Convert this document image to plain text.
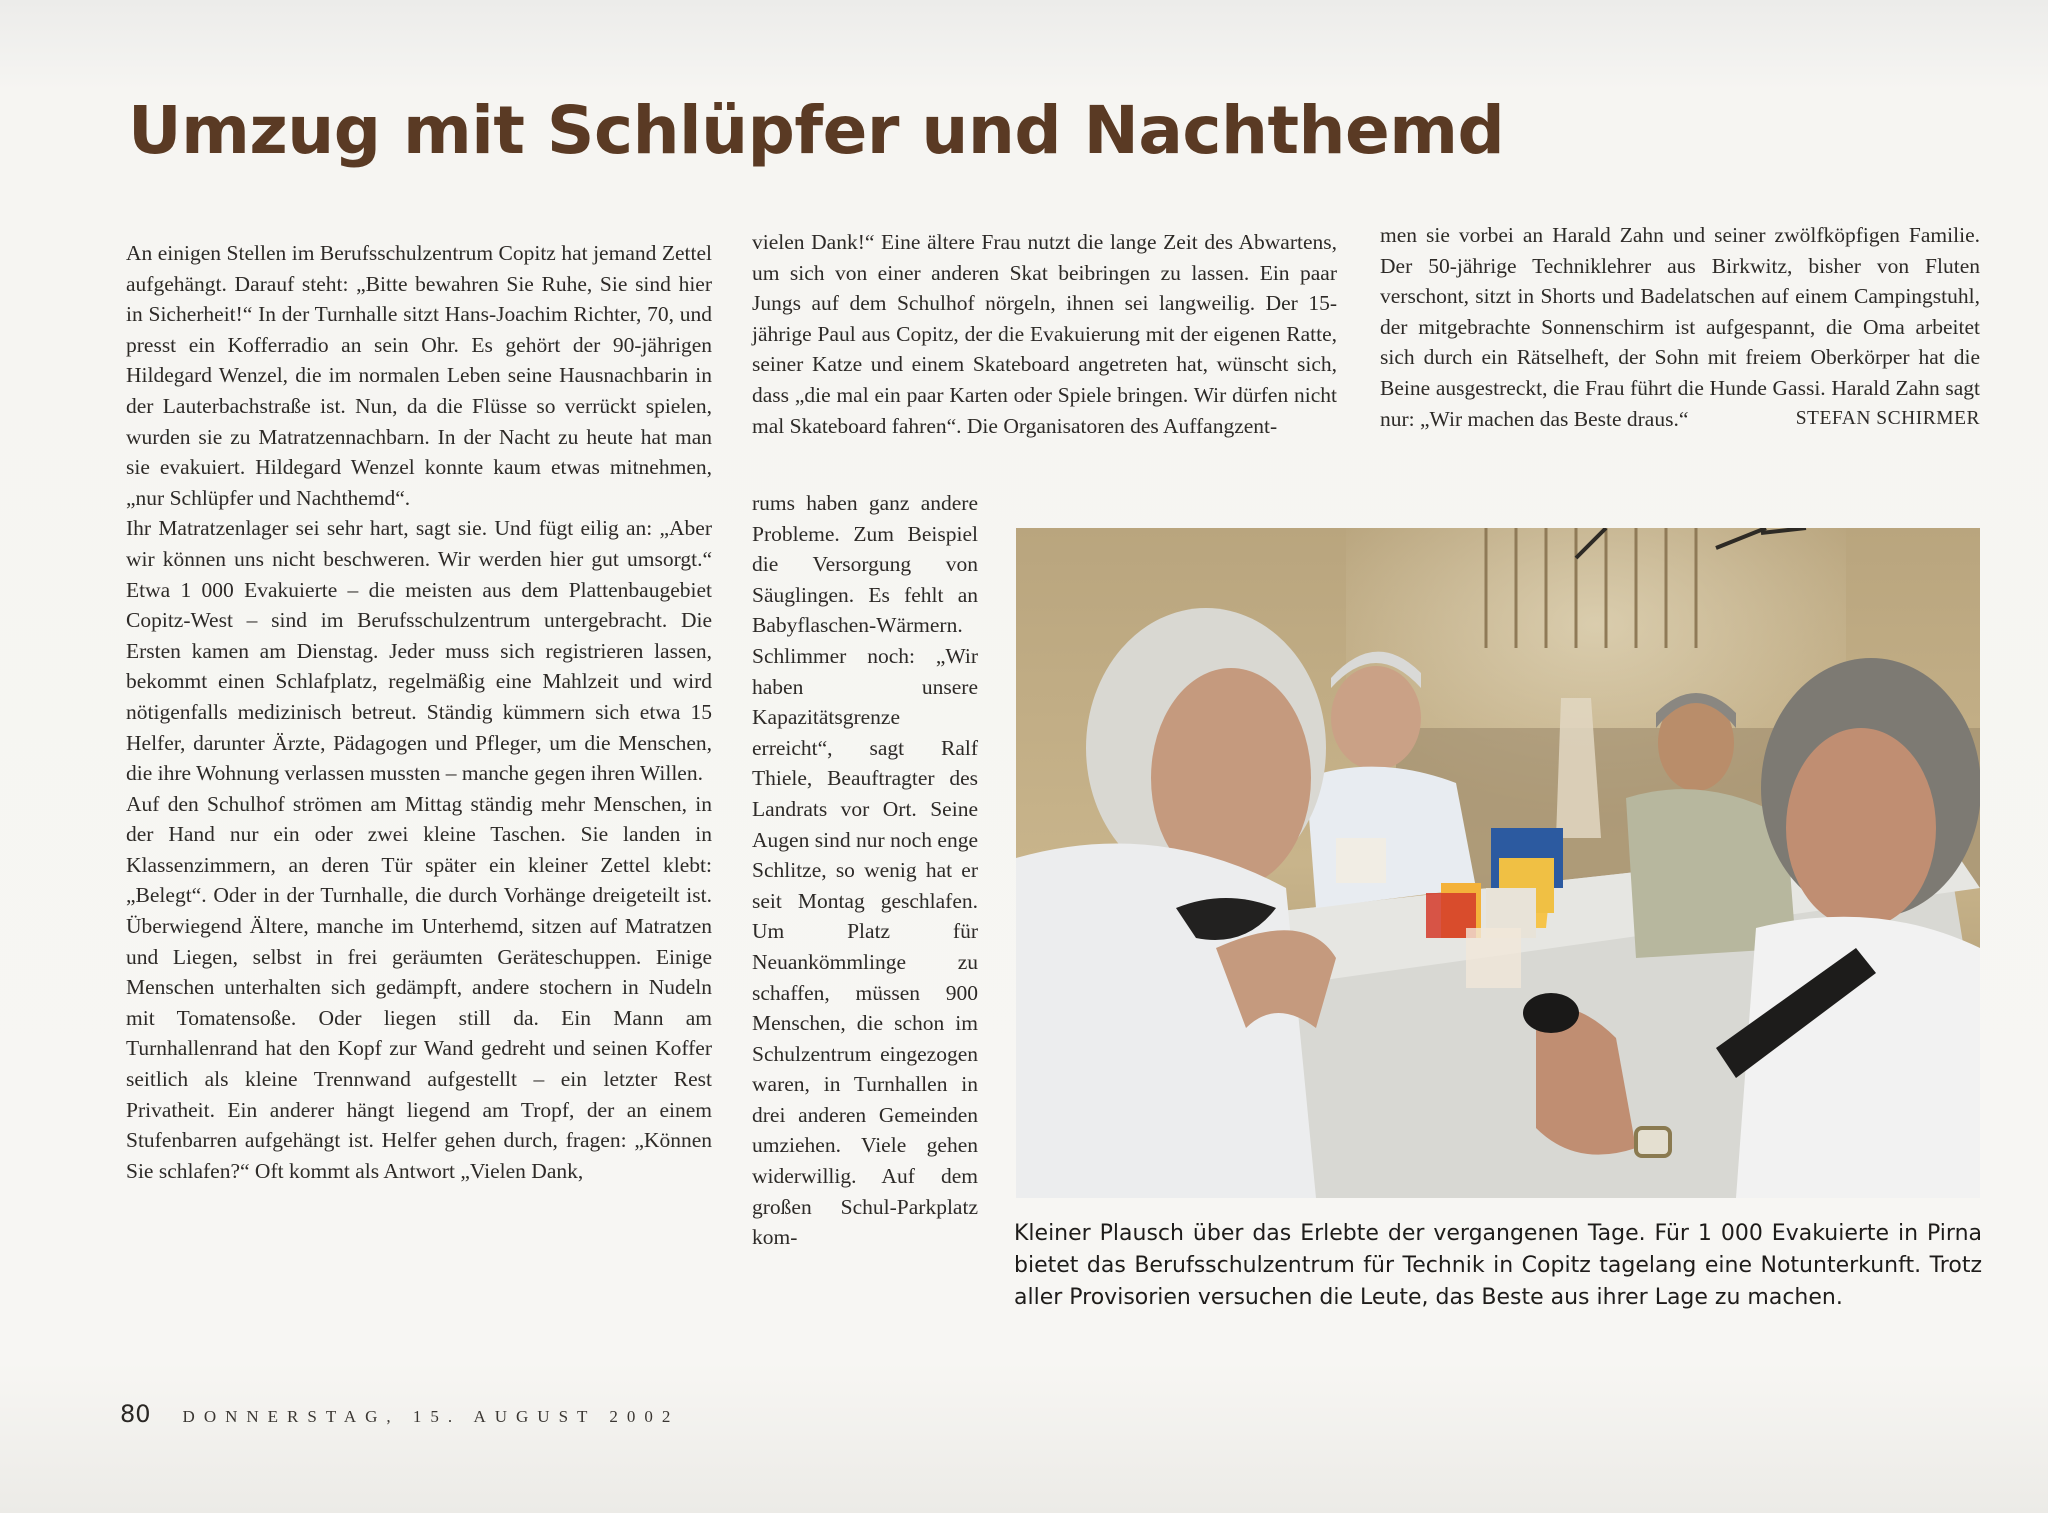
Umzug mit Schlüpfer und Nachthemd

An einigen Stellen im Berufsschulzentrum Copitz hat jemand Zettel aufgehängt. Darauf steht: „Bitte bewahren Sie Ruhe, Sie sind hier in Sicherheit!“ In der Turnhalle sitzt Hans-Joachim Richter, 70, und presst ein Kofferradio an sein Ohr. Es gehört der 90-jährigen Hildegard Wenzel, die im normalen Leben seine Hausnachbarin in der Lauterbachstraße ist. Nun, da die Flüsse so verrückt spielen, wurden sie zu Matratzennachbarn. In der Nacht zu heute hat man sie evakuiert. Hildegard Wenzel konnte kaum etwas mitnehmen, „nur Schlüpfer und Nachthemd“.

Ihr Matratzenlager sei sehr hart, sagt sie. Und fügt eilig an: „Aber wir können uns nicht beschweren. Wir werden hier gut umsorgt.“ Etwa 1 000 Evakuierte – die meisten aus dem Plattenbaugebiet Copitz-West – sind im Berufsschulzentrum untergebracht. Die Ersten kamen am Dienstag. Jeder muss sich registrieren lassen, bekommt einen Schlafplatz, regelmäßig eine Mahlzeit und wird nötigenfalls medizinisch betreut. Ständig kümmern sich etwa 15 Helfer, darunter Ärzte, Pädagogen und Pfleger, um die Menschen, die ihre Wohnung verlassen mussten – manche gegen ihren Willen.

Auf den Schulhof strömen am Mittag ständig mehr Menschen, in der Hand nur ein oder zwei kleine Taschen. Sie landen in Klassenzimmern, an deren Tür später ein kleiner Zettel klebt: „Belegt“. Oder in der Turnhalle, die durch Vorhänge dreigeteilt ist. Überwiegend Ältere, manche im Unterhemd, sitzen auf Matratzen und Liegen, selbst in frei geräumten Geräteschuppen. Einige Menschen unterhalten sich gedämpft, andere stochern in Nudeln mit Tomatensoße. Oder liegen still da. Ein Mann am Turnhallenrand hat den Kopf zur Wand gedreht und seinen Koffer seitlich als kleine Trennwand aufgestellt – ein letzter Rest Privatheit. Ein anderer hängt liegend am Tropf, der an einem Stufenbarren aufgehängt ist. Helfer gehen durch, fragen: „Können Sie schlafen?“ Oft kommt als Antwort „Vielen Dank,

vielen Dank!“ Eine ältere Frau nutzt die lange Zeit des Abwartens, um sich von einer anderen Skat beibringen zu lassen. Ein paar Jungs auf dem Schulhof nörgeln, ihnen sei langweilig. Der 15-jährige Paul aus Copitz, der die Evakuierung mit der eigenen Ratte, seiner Katze und einem Skateboard angetreten hat, wünscht sich, dass „die mal ein paar Karten oder Spiele bringen. Wir dürfen nicht mal Skateboard fahren“. Die Organisatoren des Auffangzent-

rums haben ganz andere Probleme. Zum Beispiel die Versorgung von Säuglingen. Es fehlt an Babyflaschen-Wärmern.

Schlimmer noch: „Wir haben unsere Kapazitätsgrenze erreicht“, sagt Ralf Thiele, Beauftragter des Landrats vor Ort. Seine Augen sind nur noch enge Schlitze, so wenig hat er seit Montag geschlafen. Um Platz für Neuankömmlinge zu schaffen, müssen 900 Menschen, die schon im Schulzentrum eingezogen waren, in Turnhallen in drei anderen Gemeinden umziehen. Viele gehen widerwillig. Auf dem großen Schul-Parkplatz kom-

men sie vorbei an Harald Zahn und seiner zwölfköpfigen Familie. Der 50-jährige Techniklehrer aus Birkwitz, bisher von Fluten verschont, sitzt in Shorts und Badelatschen auf einem Campingstuhl, der mitgebrachte Sonnenschirm ist aufgespannt, die Oma arbeitet sich durch ein Rätselheft, der Sohn mit freiem Oberkörper hat die Beine ausgestreckt, die Frau führt die Hunde Gassi. Harald Zahn sagt nur: „Wir machen das Beste draus.“	STEFAN SCHIRMER

Kleiner Plausch über das Erlebte der vergangenen Tage. Für 1 000 Evakuierte in Pirna bietet das Berufsschulzentrum für Technik in Copitz tagelang eine Notunterkunft. Trotz aller Provisorien versuchen die Leute, das Beste aus ihrer Lage zu machen.
80 DONNERSTAG, 15. AUGUST 2002
